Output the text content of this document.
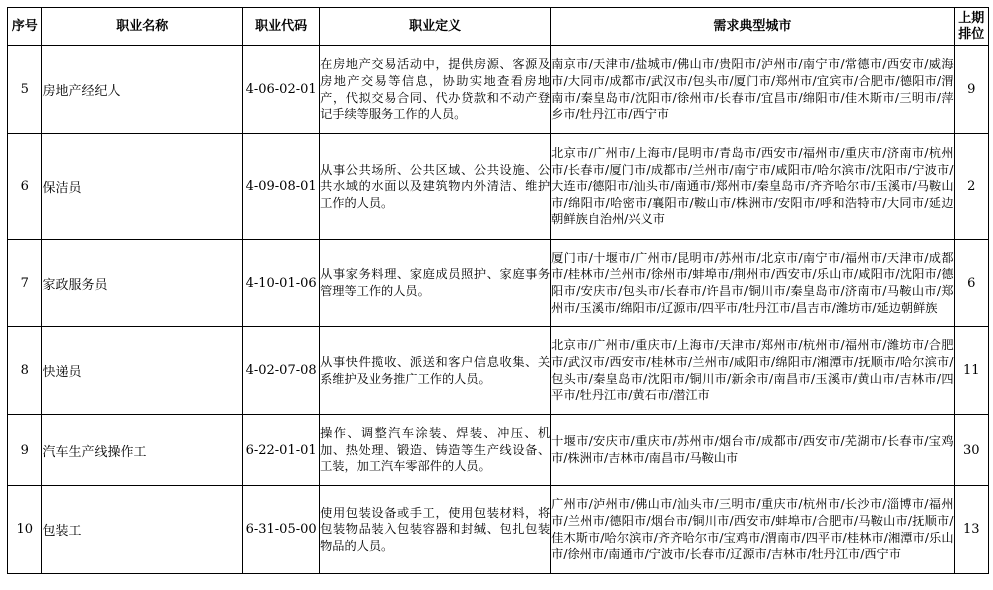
序号	职业名称	职业代码	职业定义	需求典型城市	上期
排位

5	房地产经纪人	4-06-02-01	在房地产交易活动中，提供房源、客源及房地产交易等信息，协助实地查看房地产，代拟交易合同、代办贷款和不动产登记手续等服务工作的人员。	南京市/天津市/盐城市/佛山市/贵阳市/泸州市/南宁市/常德市/西安市/威海市/大同市/成都市/武汉市/包头市/厦门市/郑州市/宜宾市/合肥市/德阳市/渭南市/秦皇岛市/沈阳市/徐州市/长春市/宜昌市/绵阳市/佳木斯市/三明市/萍乡市/牡丹江市/西宁市	9
6	保洁员	4-09-08-01	从事公共场所、公共区域、公共设施、公共水域的水面以及建筑物内外清洁、维护工作的人员。	北京市/广州市/上海市/昆明市/青岛市/西安市/福州市/重庆市/济南市/杭州市/长春市/厦门市/成都市/兰州市/南宁市/咸阳市/哈尔滨市/沈阳市/宁波市/大连市/德阳市/汕头市/南通市/郑州市/秦皇岛市/齐齐哈尔市/玉溪市/马鞍山市/绵阳市/哈密市/襄阳市/鞍山市/株洲市/安阳市/呼和浩特市/大同市/延边朝鲜族自治州/兴义市	2
7	家政服务员	4-10-01-06	从事家务料理、家庭成员照护、家庭事务管理等工作的人员。	厦门市/十堰市/广州市/昆明市/苏州市/北京市/南宁市/福州市/天津市/成都市/桂林市/兰州市/徐州市/蚌埠市/荆州市/西安市/乐山市/咸阳市/沈阳市/德阳市/安庆市/包头市/长春市/许昌市/铜川市/秦皇岛市/济南市/马鞍山市/郑州市/玉溪市/绵阳市/辽源市/四平市/牡丹江市/昌吉市/潍坊市/延边朝鲜族	6
8	快递员	4-02-07-08	从事快件揽收、派送和客户信息收集、关系维护及业务推广工作的人员。	北京市/广州市/重庆市/上海市/天津市/郑州市/杭州市/福州市/潍坊市/合肥市/武汉市/西安市/桂林市/兰州市/咸阳市/绵阳市/湘潭市/抚顺市/哈尔滨市/包头市/秦皇岛市/沈阳市/铜川市/新余市/南昌市/玉溪市/黄山市/吉林市/四平市/牡丹江市/黄石市/潜江市	11
9	汽车生产线操作工	6-22-01-01	操作、调整汽车涂装、焊装、冲压、机加、热处理、锻造、铸造等生产线设备、工装，加工汽车零部件的人员。	十堰市/安庆市/重庆市/苏州市/烟台市/成都市/西安市/芜湖市/长春市/宝鸡市/株洲市/吉林市/南昌市/马鞍山市	30
10	包装工	6-31-05-00	使用包装设备或手工，使用包装材料，将包装物品装入包装容器和封缄、包扎包装物品的人员。	广州市/泸州市/佛山市/汕头市/三明市/重庆市/杭州市/长沙市/淄博市/福州市/兰州市/德阳市/烟台市/铜川市/西安市/蚌埠市/合肥市/马鞍山市/抚顺市/佳木斯市/哈尔滨市/齐齐哈尔市/宝鸡市/渭南市/四平市/桂林市/湘潭市/乐山市/徐州市/南通市/宁波市/长春市/辽源市/吉林市/牡丹江市/西宁市	13
